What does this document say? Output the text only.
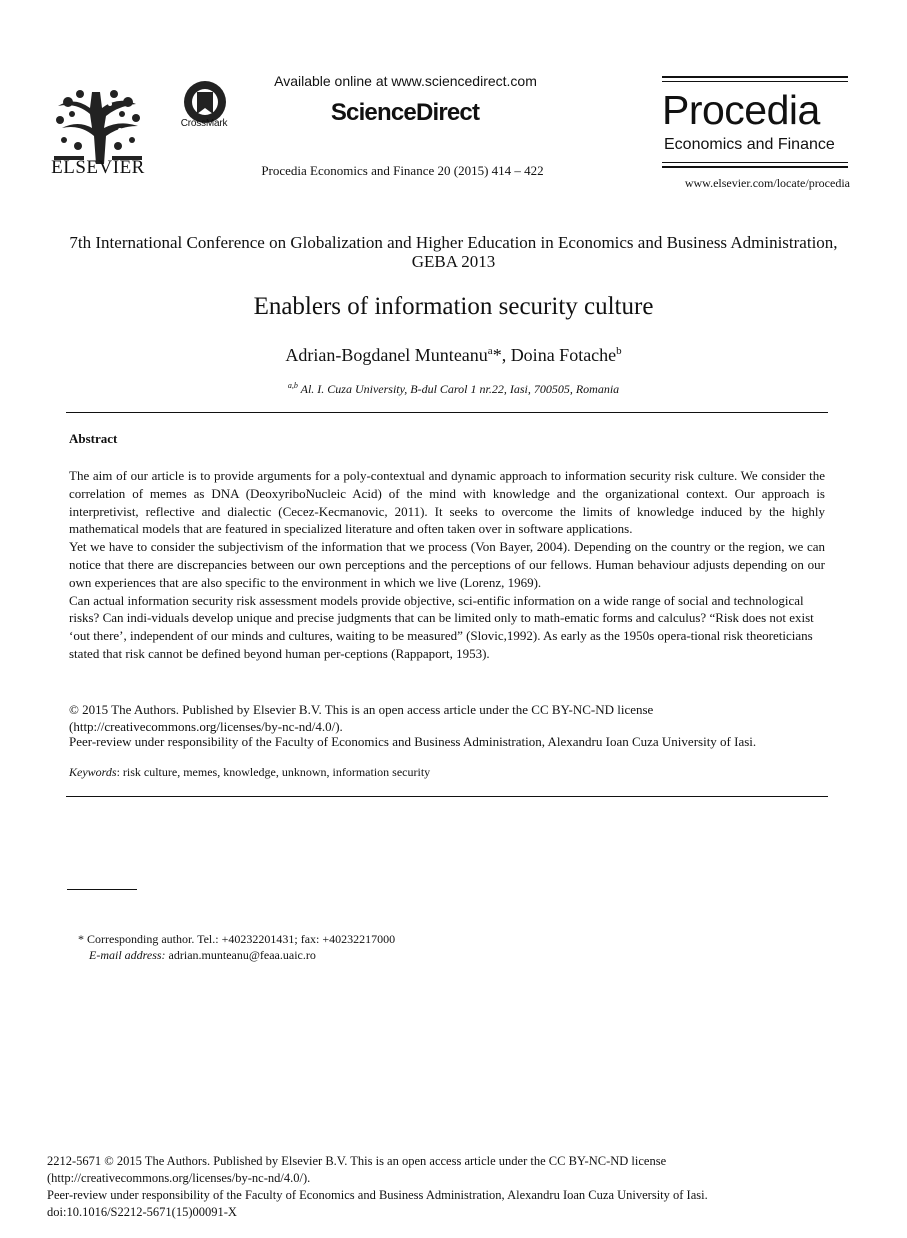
ELSEVIER
CrossMark
Available online at www.sciencedirect.com
ScienceDirect
Procedia Economics and Finance 20 (2015) 414 – 422
Procedia
Economics and Finance
www.elsevier.com/locate/procedia
7th International Conference on Globalization and Higher Education in Economics and Business Administration, GEBA 2013
Enablers of information security culture
Adrian-Bogdanel Munteanu$^a$*, Doina Fotache$^b$
$^{a,b}$ Al. I. Cuza University, B-dul Carol 1 nr.22, Iasi, 700505, Romania
Abstract

The aim of our article is to provide arguments for a poly-contextual and dynamic approach to information security risk culture. We consider the correlation of memes as DNA (DeoxyriboNucleic Acid) of the mind with knowledge and the organizational context. Our approach is interpretivist, reflective and dialectic (Cecez-Kecmanovic, 2011). It seeks to overcome the limits of knowledge induced by the highly mathematical models that are featured in specialized literature and often taken over in software applications.

Yet we have to consider the subjectivism of the information that we process (Von Bayer, 2004). Depending on the country or the region, we can notice that there are discrepancies between our own perceptions and the perceptions of our fellows. Human behaviour adjusts depending on our own experiences that are also specific to the environment in which we live (Lorenz, 1969).

Can actual information security risk assessment models provide objective, sci-entific information on a wide range of social and technological risks? Can indi-viduals develop unique and precise judgments that can be limited only to math-ematic forms and calculus? “Risk does not exist ‘out there’, independent of our minds and cultures, waiting to be measured” (Slovic,1992). As early as the 1950s opera-tional risk theoreticians stated that risk cannot be defined beyond human per-ceptions (Rappaport, 1953).

© 2015 The Authors. Published by Elsevier B.V. This is an open access article under the CC BY-NC-ND license
(http://creativecommons.org/licenses/by-nc-nd/4.0/).
Peer-review under responsibility of the Faculty of Economics and Business Administration, Alexandru Ioan Cuza University of Iasi.
Keywords: risk culture, memes, knowledge, unknown, information security
* Corresponding author. Tel.: +40232201431; fax: +40232217000
E-mail address: adrian.munteanu@feaa.uaic.ro
2212-5671 © 2015 The Authors. Published by Elsevier B.V. This is an open access article under the CC BY-NC-ND license
(http://creativecommons.org/licenses/by-nc-nd/4.0/).
Peer-review under responsibility of the Faculty of Economics and Business Administration, Alexandru Ioan Cuza University of Iasi.
doi:10.1016/S2212-5671(15)00091-X
